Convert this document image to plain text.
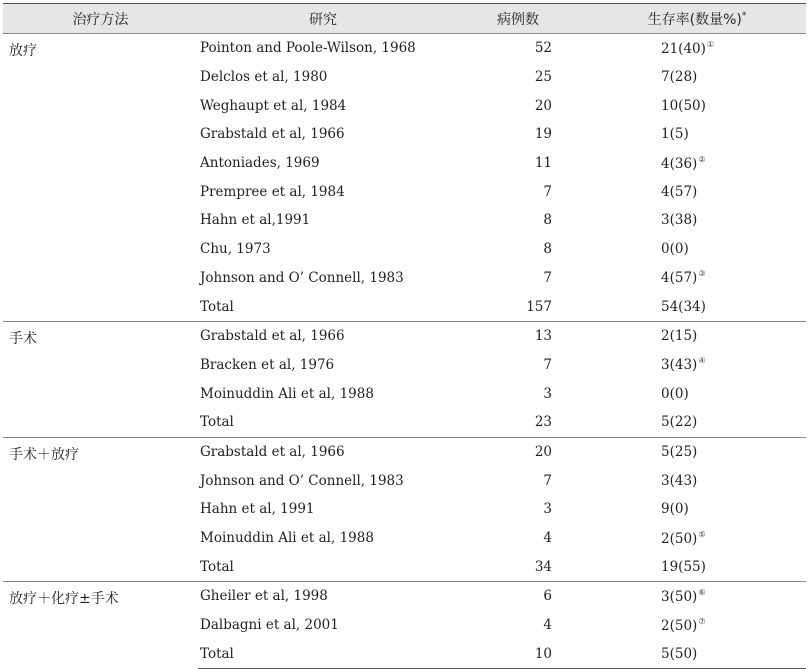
治疗方法	研究	病例数	生存率(数量%)*
放疗	Pointon and Poole-Wilson, 1968	52	21(40)①
	Delclos et al, 1980	25	7(28)
	Weghaupt et al, 1984	20	10(50)
	Grabstald et al, 1966	19	1(5)
	Antoniades, 1969	11	4(36)②
	Prempree et al, 1984	7	4(57)
	Hahn et al,1991	8	3(38)
	Chu, 1973	8	0(0)
	Johnson and O’ Connell, 1983	7	4(57)③
	Total	157	54(34)
手术	Grabstald et al, 1966	13	2(15)
	Bracken et al, 1976	7	3(43)④
	Moinuddin Ali et al, 1988	3	0(0)
	Total	23	5(22)
手术＋放疗	Grabstald et al, 1966	20	5(25)
	Johnson and O’ Connell, 1983	7	3(43)
	Hahn et al, 1991	3	9(0)
	Moinuddin Ali et al, 1988	4	2(50)⑤
	Total	34	19(55)
放疗＋化疗±手术	Gheiler et al, 1998	6	3(50)⑥
	Dalbagni et al, 2001	4	2(50)⑦
	Total	10	5(50)
